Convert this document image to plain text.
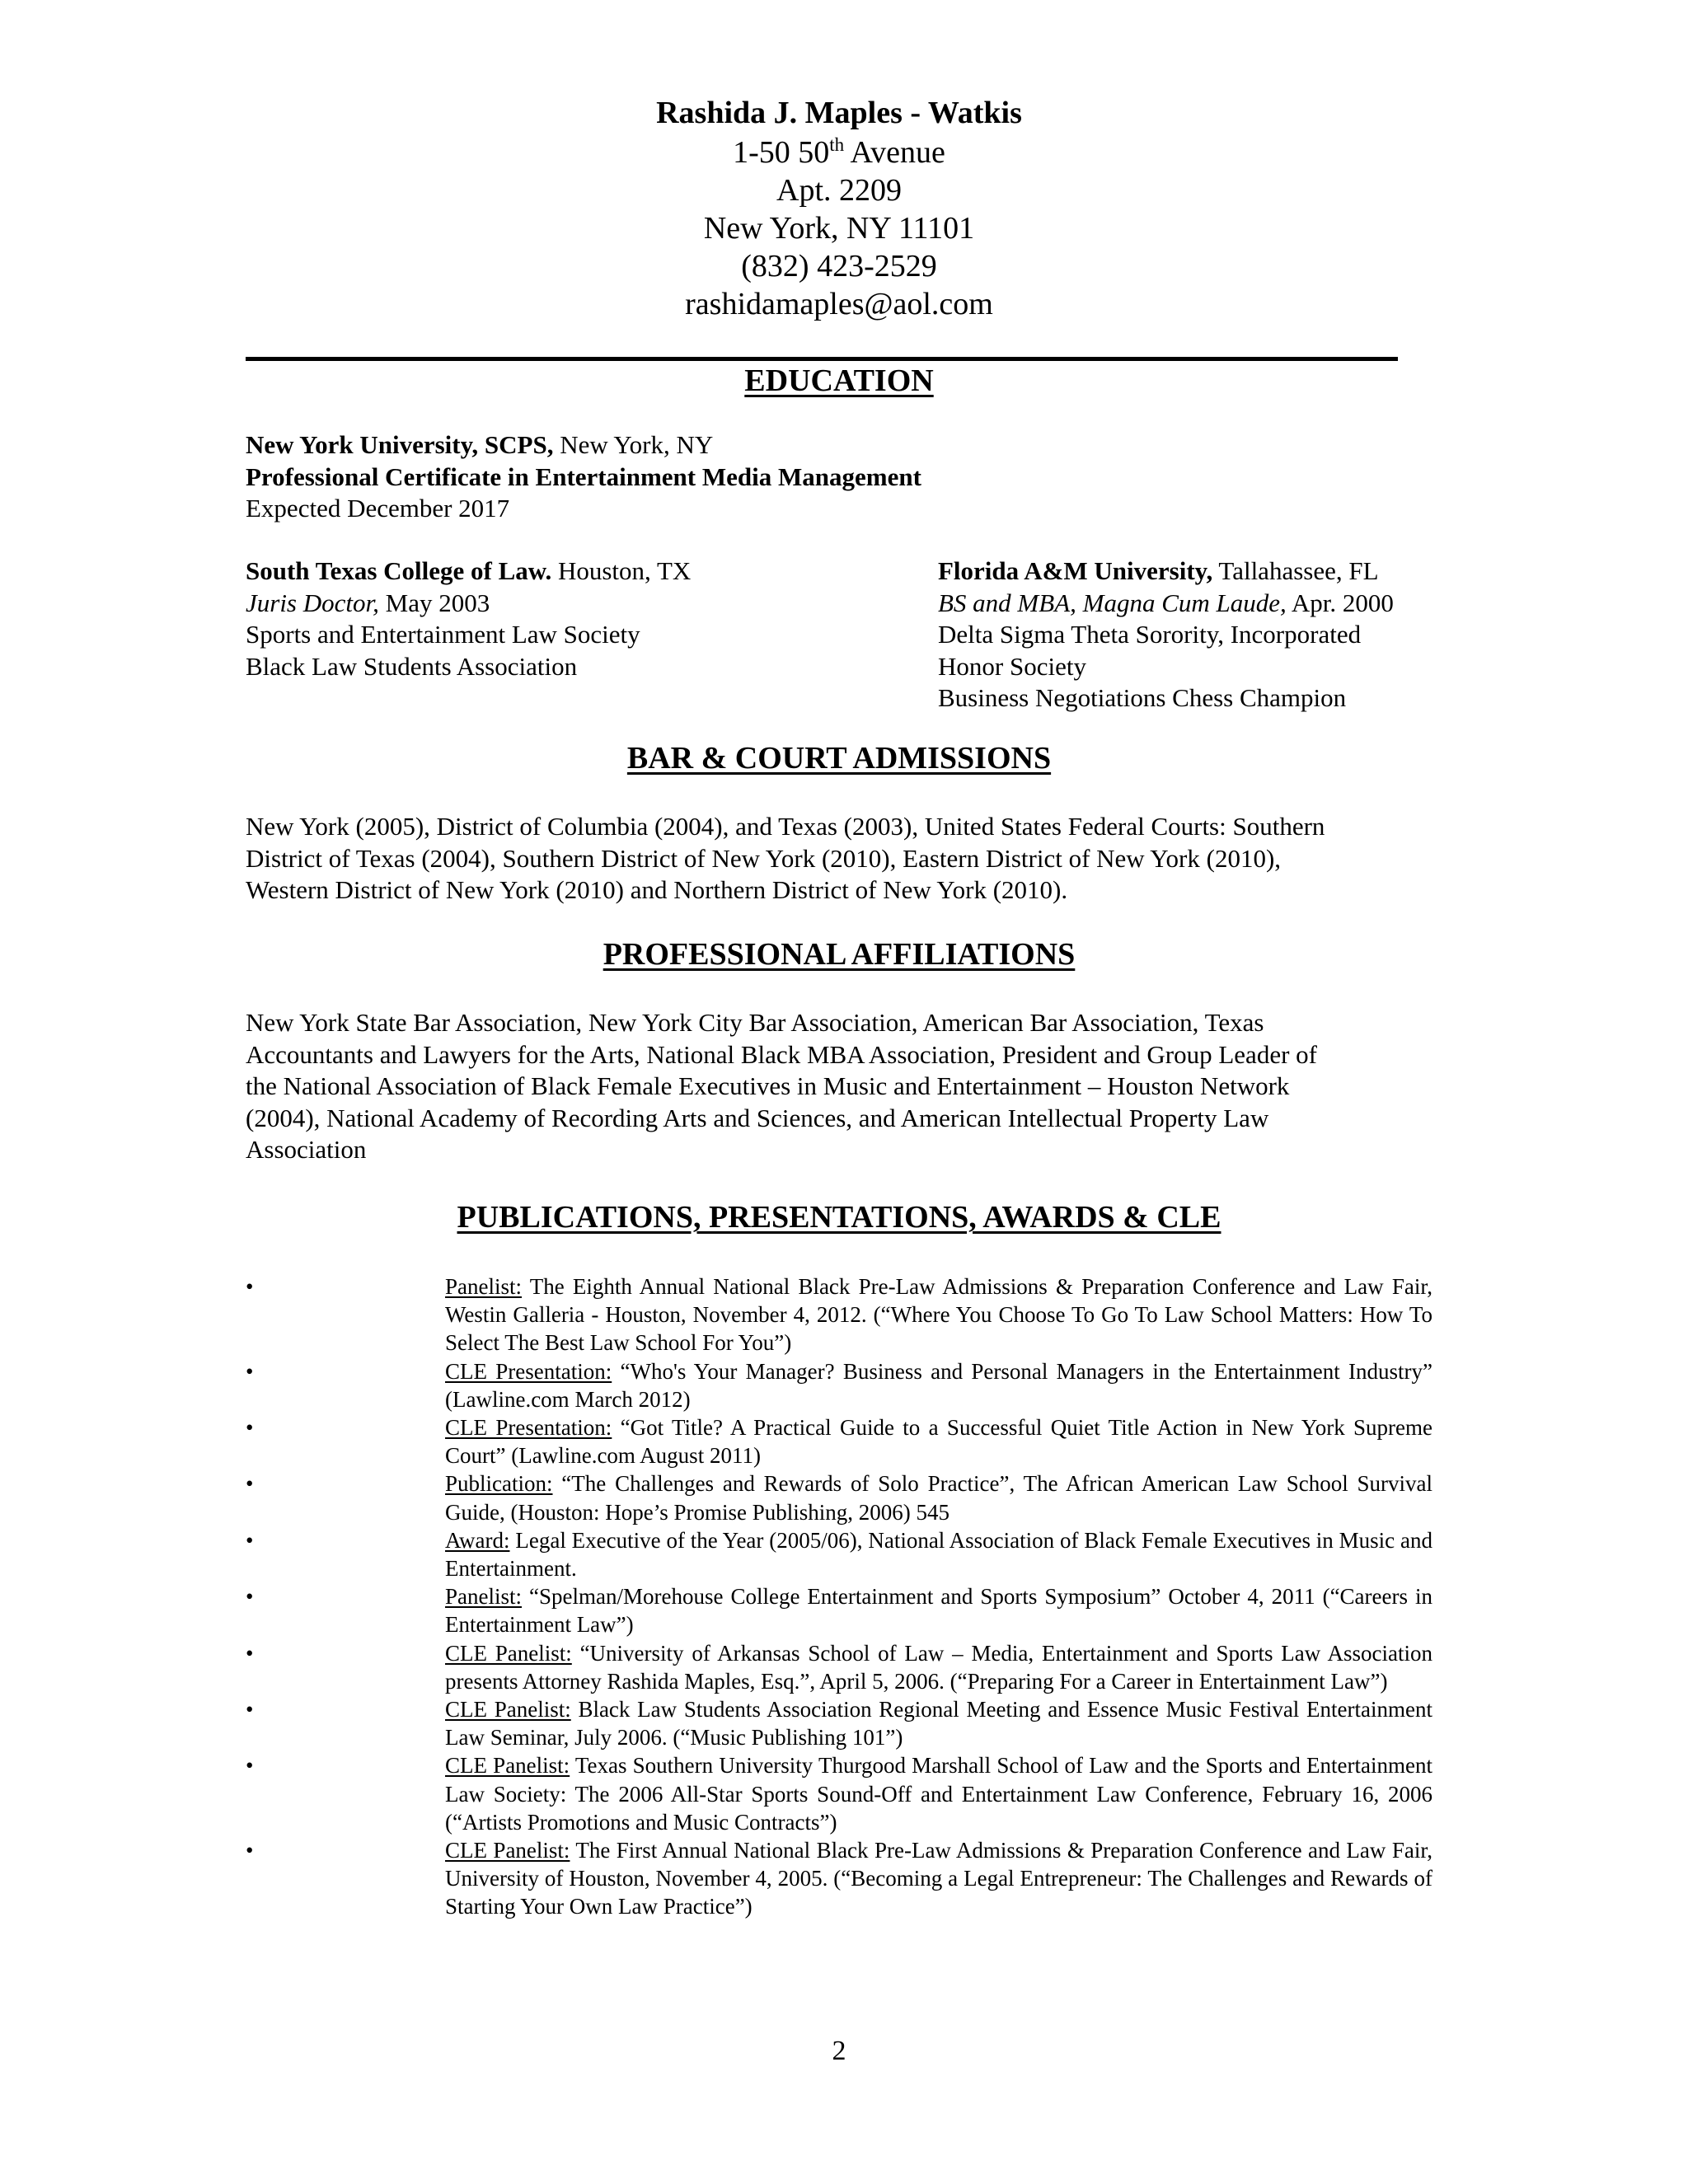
Rashida J. Maples - Watkis
1-50 50th Avenue
Apt. 2209
New York, NY 11101
(832) 423-2529
rashidamaples@aol.com
EDUCATION

New York University, SCPS, New York, NY

Professional Certificate in Entertainment Media Management

Expected December 2017

South Texas College of Law. Houston, TX

Juris Doctor, May 2003

Sports and Entertainment Law Society

Black Law Students Association

Florida A&M University, Tallahassee, FL

BS and MBA, Magna Cum Laude, Apr. 2000

Delta Sigma Theta Sorority, Incorporated

Honor Society

Business Negotiations Chess Champion

BAR & COURT ADMISSIONS
New York (2005), District of Columbia (2004), and Texas (2003), United States Federal Courts: Southern
District of Texas (2004), Southern District of New York (2010), Eastern District of New York (2010),
Western District of New York (2010) and Northern District of New York (2010).
PROFESSIONAL AFFILIATIONS
New York State Bar Association, New York City Bar Association, American Bar Association, Texas
Accountants and Lawyers for the Arts, National Black MBA Association, President and Group Leader of
the National Association of Black Female Executives in Music and Entertainment – Houston Network
(2004), National Academy of Recording Arts and Sciences, and American Intellectual Property Law
Association
PUBLICATIONS, PRESENTATIONS, AWARDS & CLE
•	Panelist: The Eighth Annual National Black Pre-Law Admissions & Preparation Conference and Law Fair, Westin Galleria - Houston, November 4, 2012. (“Where You Choose To Go To Law School Matters: How To Select The Best Law School For You”)
•	CLE Presentation: “Who's Your Manager? Business and Personal Managers in the Entertainment Industry” (Lawline.com March 2012)
•	CLE Presentation: “Got Title? A Practical Guide to a Successful Quiet Title Action in New York Supreme Court” (Lawline.com August 2011)
•	Publication: “The Challenges and Rewards of Solo Practice”, The African American Law School Survival Guide, (Houston: Hope’s Promise Publishing, 2006) 545
•	Award: Legal Executive of the Year (2005/06), National Association of Black Female Executives in Music and Entertainment.
•	Panelist: “Spelman/Morehouse College Entertainment and Sports Symposium” October 4, 2011 (“Careers in Entertainment Law”)
•	CLE Panelist: “University of Arkansas School of Law – Media, Entertainment and Sports Law Association presents Attorney Rashida Maples, Esq.”, April 5, 2006. (“Preparing For a Career in Entertainment Law”)
•	CLE Panelist: Black Law Students Association Regional Meeting and Essence Music Festival Entertainment Law Seminar, July 2006. (“Music Publishing 101”)
•	CLE Panelist: Texas Southern University Thurgood Marshall School of Law and the Sports and Entertainment Law Society: The 2006 All-Star Sports Sound-Off and Entertainment Law Conference, February 16, 2006 (“Artists Promotions and Music Contracts”)
•	CLE Panelist: The First Annual National Black Pre-Law Admissions & Preparation Conference and Law Fair, University of Houston, November 4, 2005. (“Becoming a Legal Entrepreneur: The Challenges and Rewards of Starting Your Own Law Practice”)
2
